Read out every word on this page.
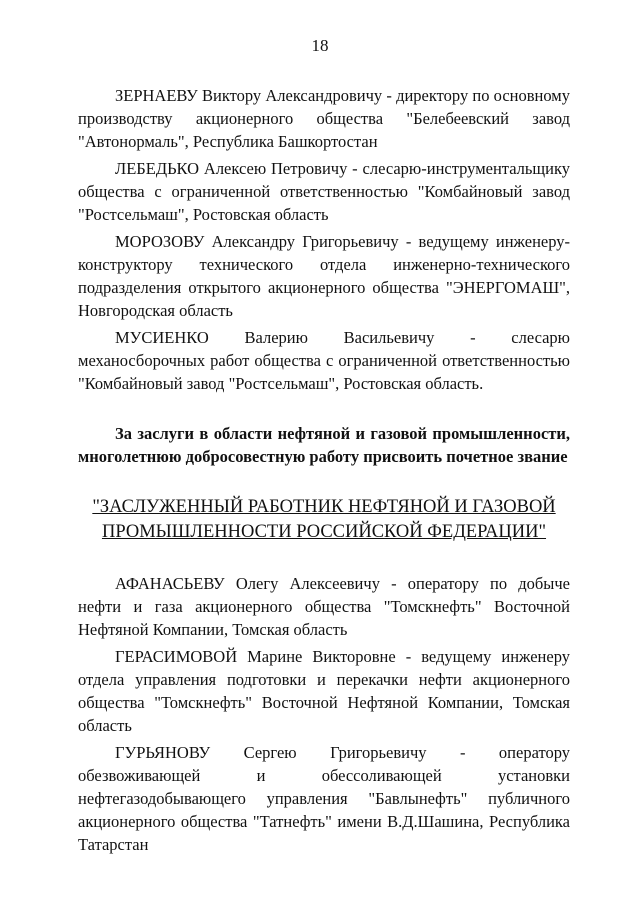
18

ЗЕРНАЕВУ Виктору Александровичу - директору по основному производству акционерного общества "Белебеевский завод "Автонормаль", Республика Башкортостан

ЛЕБЕДЬКО Алексею Петровичу - слесарю-инструментальщику общества с ограниченной ответственностью "Комбайновый завод "Ростсельмаш", Ростовская область

МОРОЗОВУ Александру Григорьевичу - ведущему инженеру-конструктору технического отдела инженерно-технического подразделения открытого акционерного общества "ЭНЕРГОМАШ", Новгородская область

МУСИЕНКО Валерию Васильевичу - слесарю механосборочных работ общества с ограниченной ответственностью "Комбайновый завод "Ростсельмаш", Ростовская область.

За заслуги в области нефтяной и газовой промышленности, многолетнюю добросовестную работу присвоить почетное звание

"ЗАСЛУЖЕННЫЙ РАБОТНИК НЕФТЯНОЙ И ГАЗОВОЙ
ПРОМЫШЛЕННОСТИ РОССИЙСКОЙ ФЕДЕРАЦИИ"

АФАНАСЬЕВУ Олегу Алексеевичу - оператору по добыче нефти и газа акционерного общества "Томскнефть" Восточной Нефтяной Компании, Томская область

ГЕРАСИМОВОЙ Марине Викторовне - ведущему инженеру отдела управления подготовки и перекачки нефти акционерного общества "Томскнефть" Восточной Нефтяной Компании, Томская область

ГУРЬЯНОВУ Сергею Григорьевичу - оператору обезвоживающей и обессоливающей установки нефтегазодобывающего управления "Бавлынефть" публичного акционерного общества "Татнефть" имени В.Д.Шашина, Республика Татарстан
